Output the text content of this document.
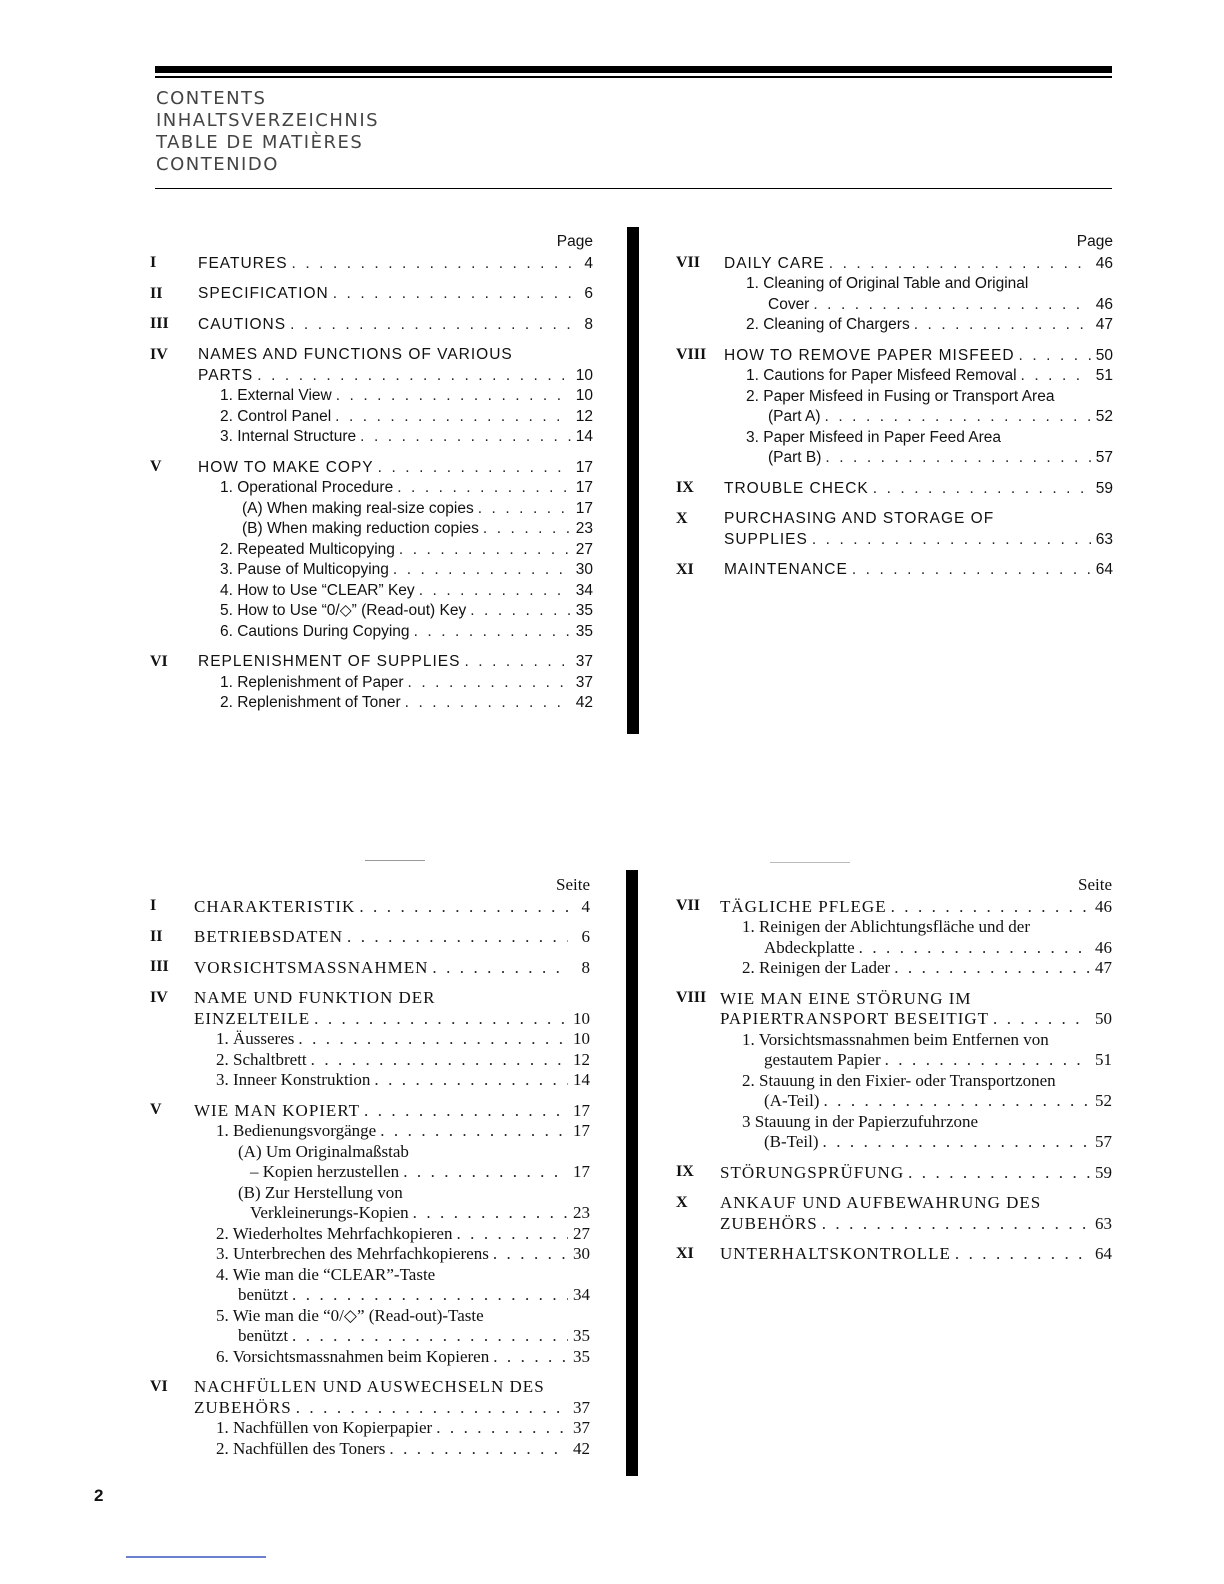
CONTENTS
INHALTSVERZEICHNIS
TABLE DE MATIÈRES
CONTENIDO
Page
I	FEATURES . . .	4
II SPECIFICATION . . .	6
III CAUTIONS . . .	8
IV NAMES AND FUNCTIONS OF VARIOUS
PARTS . . .	10
1. External View . . .	10
2. Control Panel . . .	12
3. Internal Structure . . .	14
V HOW TO MAKE COPY . . .	17
1. Operational Procedure . . .	17
(A) When making real-size copies . . .	17
(B) When making reduction copies . . .	23
2. Repeated Multicopying . . .	27
3. Pause of Multicopying . . .	30
4. How to Use “CLEAR” Key . . .	34
5. How to Use “0/◇” (Read-out) Key . . .	35
6. Cautions During Copying . . .	35
VI REPLENISHMENT OF SUPPLIES . . .	37
1. Replenishment of Paper . . .	37
2. Replenishment of Toner . . .	42
Page
VII DAILY CARE . . .	46
1. Cleaning of Original Table and Original
Cover . . .	46
2. Cleaning of Chargers . . .	47
VIII HOW TO REMOVE PAPER MISFEED . . .	50
1. Cautions for Paper Misfeed Removal . . .	51
2. Paper Misfeed in Fusing or Transport Area
(Part A) . . .	52
3. Paper Misfeed in Paper Feed Area
(Part B) . . .	57
IX TROUBLE CHECK . . .	59
X PURCHASING AND STORAGE OF
SUPPLIES . . .	63
XI MAINTENANCE . . .	64
Seite
I CHARAKTERISTIK . . .	4
II BETRIEBSDATEN . . .	6
III VORSICHTSMASSNAHMEN . . .	8
IV NAME UND FUNKTION DER
EINZELTEILE . . .	10
1. Äusseres . . .	10
2. Schaltbrett . . .	12
3. Inneer Konstruktion . . .	14
V WIE MAN KOPIERT . . .	17
1. Bedienungsvorgänge . . .	17
(A) Um Originalmaßstab
– Kopien herzustellen . . .	17
(B) Zur Herstellung von
Verkleinerungs-Kopien . . .	23
2. Wiederholtes Mehrfachkopieren . . .	27
3. Unterbrechen des Mehrfachkopierens . . .	30
4. Wie man die “CLEAR”-Taste
benützt . . .	34
5. Wie man die “0/◇” (Read-out)-Taste
benützt . . .	35
6. Vorsichtsmassnahmen beim Kopieren . . .	35
VI NACHFÜLLEN UND AUSWECHSELN DES
ZUBEHÖRS . . .	37
1. Nachfüllen von Kopierpapier . . .	37
2. Nachfüllen des Toners . . .	42
Seite
VII TÄGLICHE PFLEGE . . .	46
1. Reinigen der Ablichtungsfläche und der
Abdeckplatte . . .	46
2. Reinigen der Lader . . .	47
VIII WIE MAN EINE STÖRUNG IM
PAPIERTRANSPORT BESEITIGT . . .	50
1. Vorsichtsmassnahmen beim Entfernen von
gestautem Papier . . .	51
2. Stauung in den Fixier- oder Transportzonen
(A-Teil) . . .	52
3 Stauung in der Papierzufuhrzone
(B-Teil) . . .	57
IX STÖRUNGSPRÜFUNG . . .	59
X ANKAUF UND AUFBEWAHRUNG DES
ZUBEHÖRS . . .	63
XI UNTERHALTSKONTROLLE . . .	64
2
